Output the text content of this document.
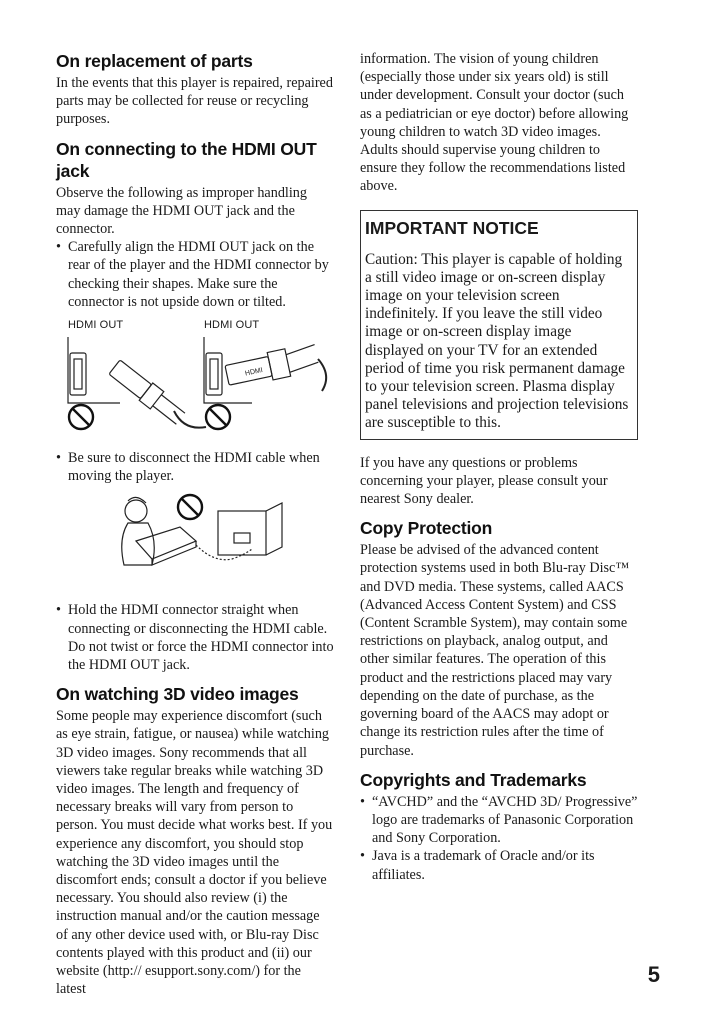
On replacement of parts

In the events that this player is repaired, repaired parts may be collected for reuse or recycling purposes.

On connecting to the HDMI OUT jack

Observe the following as improper handling may damage the HDMI OUT jack and the connector.

• Carefully align the HDMI OUT jack on the rear of the player and the HDMI connector by checking their shapes. Make sure the connector is not upside down or tilted.
HDMI OUT	HDMI OUT
HDMI
• Be sure to disconnect the HDMI cable when moving the player.
• Hold the HDMI connector straight when connecting or disconnecting the HDMI cable. Do not twist or force the HDMI connector into the HDMI OUT jack.
On watching 3D video images

Some people may experience discomfort (such as eye strain, fatigue, or nausea) while watching 3D video images. Sony recommends that all viewers take regular breaks while watching 3D video images. The length and frequency of necessary breaks will vary from person to person. You must decide what works best. If you experience any discomfort, you should stop watching the 3D video images until the discomfort ends; consult a doctor if you believe necessary. You should also review (i) the instruction manual and/or the caution message of any other device used with, or Blu-ray Disc contents played with this product and (ii) our website (http:// esupport.sony.com/) for the latest

information. The vision of young children (especially those under six years old) is still under development. Consult your doctor (such as a pediatrician or eye doctor) before allowing young children to watch 3D video images.

Adults should supervise young children to ensure they follow the recommendations listed above.

IMPORTANT NOTICE

Caution: This player is capable of holding a still video image or on-screen display image on your television screen indefinitely. If you leave the still video image or on-screen display image displayed on your TV for an extended period of time you risk permanent damage to your television screen. Plasma display panel televisions and projection televisions are susceptible to this.

If you have any questions or problems concerning your player, please consult your nearest Sony dealer.

Copy Protection

Please be advised of the advanced content protection systems used in both Blu-ray Disc™ and DVD media. These systems, called AACS (Advanced Access Content System) and CSS (Content Scramble System), may contain some restrictions on playback, analog output, and other similar features. The operation of this product and the restrictions placed may vary depending on the date of purchase, as the governing board of the AACS may adopt or change its restriction rules after the time of purchase.

Copyrights and Trademarks
• “AVCHD” and the “AVCHD 3D/ Progressive” logo are trademarks of Panasonic Corporation and Sony Corporation.
• Java is a trademark of Oracle and/or its affiliates.
5
